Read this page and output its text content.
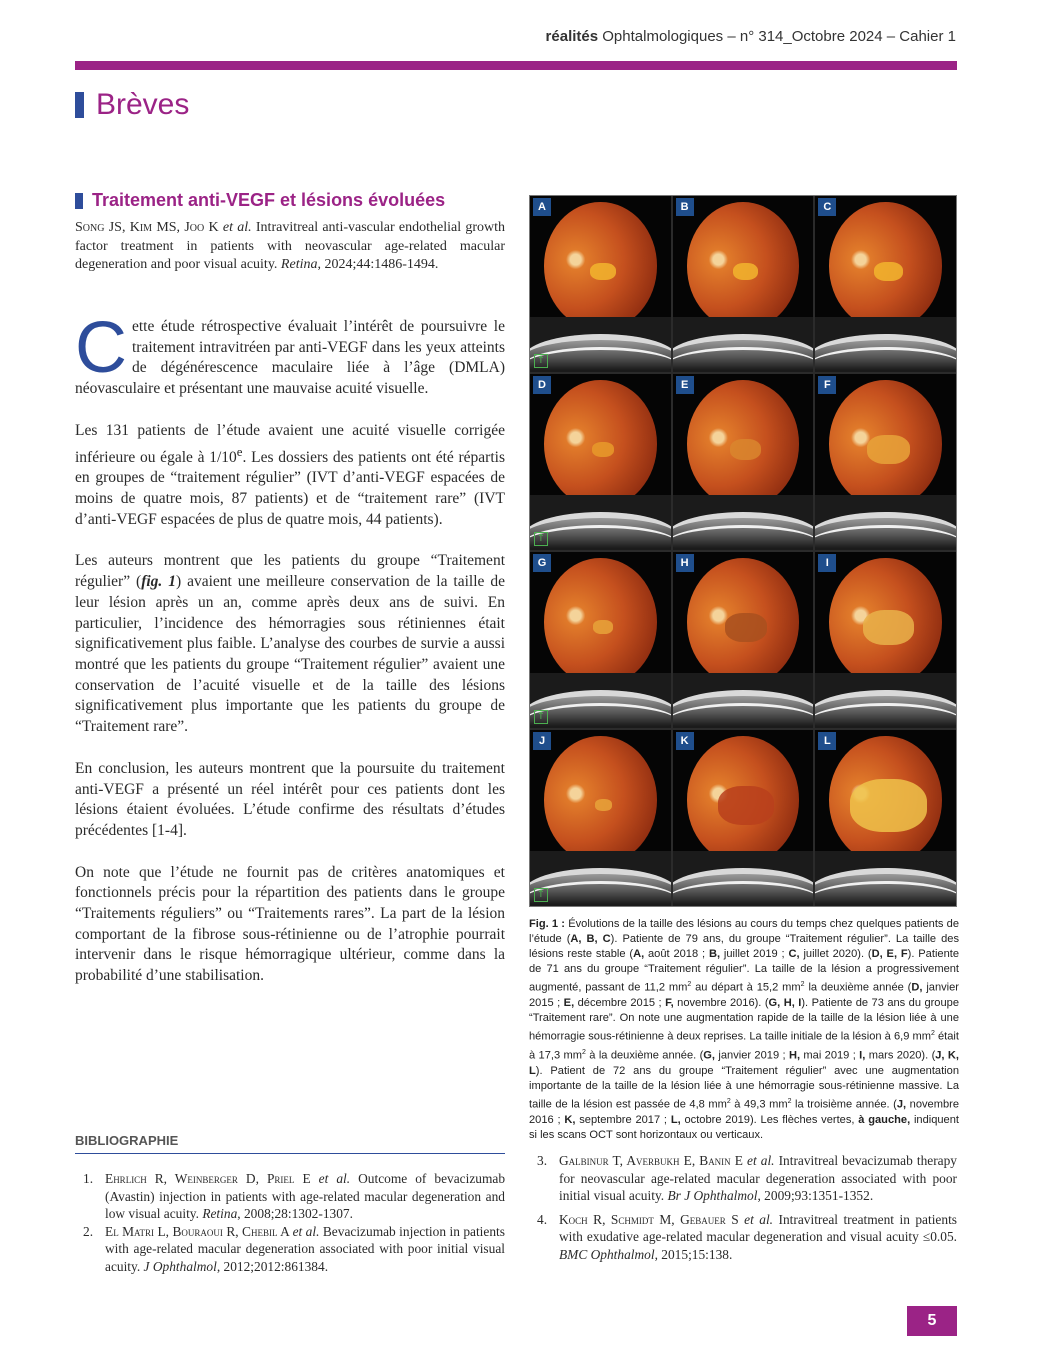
réalités Ophtalmologiques – n° 314_Octobre 2024 – Cahier 1
Brèves
Traitement anti-VEGF et lésions évoluées
Song JS, Kim MS, Joo K et al. Intravitreal anti-vascular endothelial growth factor treatment in patients with neovascular age-related macular degeneration and poor visual acuity. Retina, 2024;44:1486-1494.

Cette étude rétrospective évaluait l’intérêt de poursuivre le traitement intravitréen par anti-VEGF dans les yeux atteints de dégénérescence maculaire liée à l’âge (DMLA) néovasculaire et présentant une mauvaise acuité visuelle.

Les 131 patients de l’étude avaient une acuité visuelle corrigée inférieure ou égale à 1/10e. Les dossiers des patients ont été répartis en groupes de “traitement régulier” (IVT d’anti-VEGF espacées de moins de quatre mois, 87 patients) et de “traitement rare” (IVT d’anti-VEGF espacées de plus de quatre mois, 44 patients).

Les auteurs montrent que les patients du groupe “Traitement régulier” (fig. 1) avaient une meilleure conservation de la taille de leur lésion après un an, comme après deux ans de suivi. En particulier, l’incidence des hémorragies sous rétiniennes était significativement plus faible. L’analyse des courbes de survie a aussi montré que les patients du groupe “Traitement régulier” avaient une conservation de l’acuité visuelle et de la taille des lésions significativement plus importante que les patients du groupe de “Traitement rare”.

En conclusion, les auteurs montrent que la poursuite du traitement anti-VEGF a présenté un réel intérêt pour ces patients dont les lésions étaient évoluées. L’étude confirme des résultats d’études précédentes [1-4].

On note que l’étude ne fournit pas de critères anatomiques et fonctionnels précis pour la répartition des patients dans le groupe “Traitements réguliers” ou “Traitements rares”. La part de la lésion comportant de la fibrose sous-rétinienne ou de l’atrophie pourrait intervenir dans le risque hémorragique ultérieur, comme dans la probabilité d’une stabilisation.

A
↑
B	C
D
↑
E	F
G
↑
H	I
J
↑
K	L
Fig. 1 : Évolutions de la taille des lésions au cours du temps chez quelques patients de l’étude (A, B, C). Patiente de 79 ans, du groupe “Traitement régulier”. La taille des lésions reste stable (A, août 2018 ; B, juillet 2019 ; C, juillet 2020). (D, E, F). Patiente de 71 ans du groupe “Traitement régulier”. La taille de la lésion a progressivement augmenté, passant de 11,2 $mm^2$ au départ à 15,2 $mm^2$ la deuxième année (D, janvier 2015 ; E, décembre 2015 ; F, novembre 2016). (G, H, I). Patiente de 73 ans du groupe “Traitement rare”. On note une augmentation rapide de la taille de la lésion liée à une hémorragie sous-rétinienne à deux reprises. La taille initiale de la lésion à 6,9 $mm^2$ était à 17,3 $mm^2$ à la deuxième année. (G, janvier 2019 ; H, mai 2019 ; I, mars 2020). (J, K, L). Patient de 72 ans du groupe “Traitement régulier” avec une augmentation importante de la taille de la lésion liée à une hémorragie sous-rétinienne massive. La taille de la lésion est passée de 4,8 $mm^2$ à 49,3 $mm^2$ la troisième année. (J, novembre 2016 ; K, septembre 2017 ; L, octobre 2019). Les flèches vertes, à gauche, indiquent si les scans OCT sont horizontaux ou verticaux.
BIBLIOGRAPHIE
1. Ehrlich R, Weinberger D, Priel E et al. Outcome of bevacizumab (Avastin) injection in patients with age-related macular degeneration and low visual acuity. Retina, 2008;28:1302-1307.
2. El Matri L, Bouraoui R, Chebil A et al. Bevacizumab injection in patients with age-related macular degeneration associated with poor initial visual acuity. J Ophthalmol, 2012;2012:861384.
3. Galbinur T, Averbukh E, Banin E et al. Intravitreal bevacizumab therapy for neovascular age-related macular degeneration associated with poor initial visual acuity. Br J Ophthalmol, 2009;93:1351-1352.
4. Koch R, Schmidt M, Gebauer S et al. Intravitreal treatment in patients with exudative age-related macular degeneration and visual acuity ≤0.05. BMC Ophthalmol, 2015;15:138.
5
